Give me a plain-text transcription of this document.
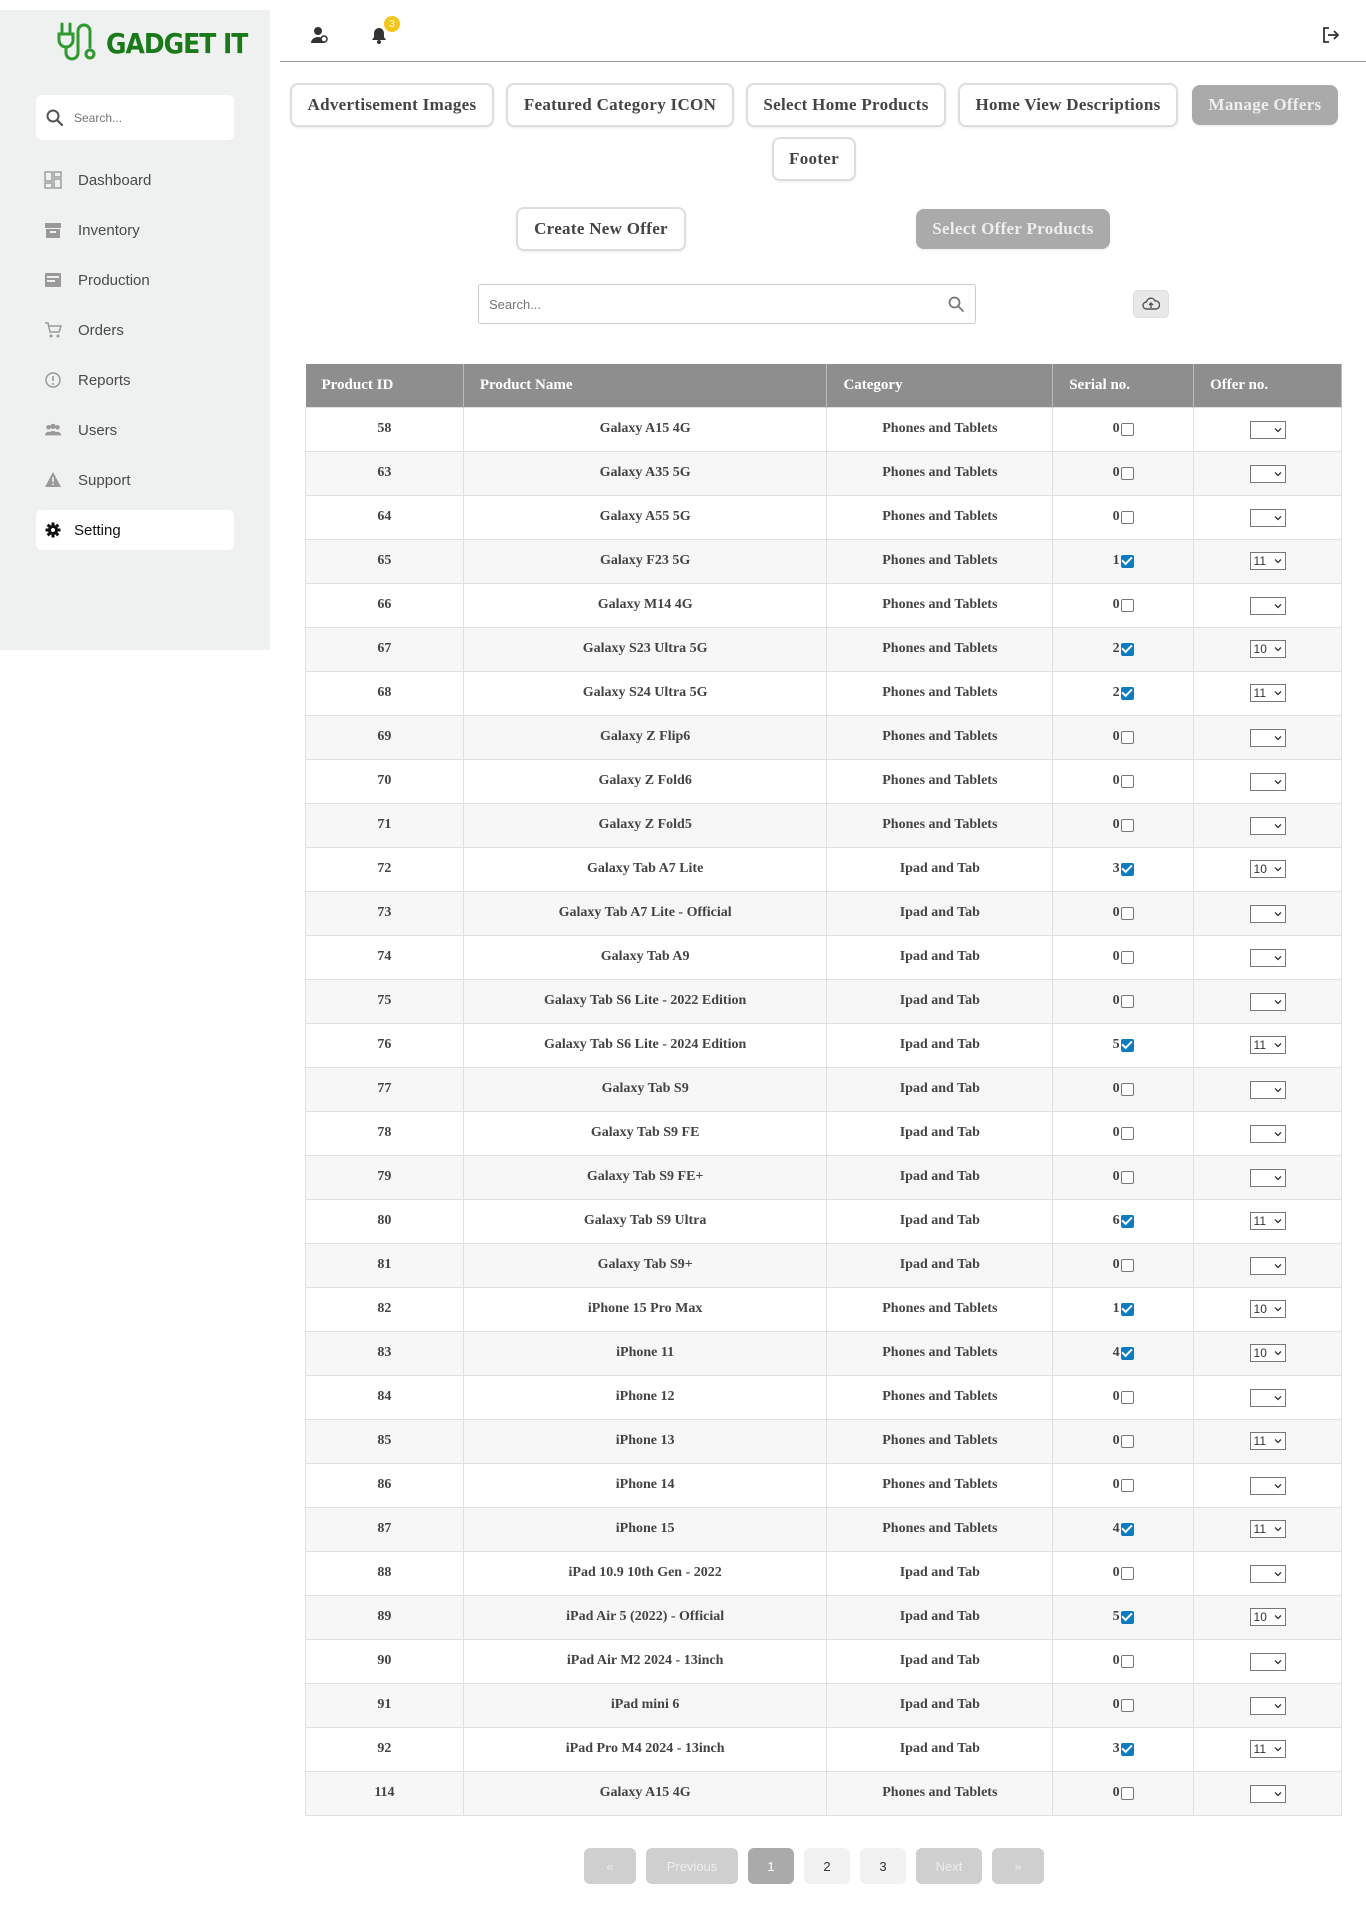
GADGET IT
Search...
Dashboard
Inventory
Production
Orders
Reports
Users
Support
Setting
3
Advertisement Images	Featured Category ICON	Select Home Products	Home View Descriptions	Manage Offers
Footer
Create New Offer	Select Offer Products
Search...
Product ID	Product Name	Category	Serial no.	Offer no.
58	Galaxy A15 4G	Phones and Tablets	0

63	Galaxy A35 5G	Phones and Tablets	0

64	Galaxy A55 5G	Phones and Tablets	0

65	Galaxy F23 5G	Phones and Tablets	1	11

66	Galaxy M14 4G	Phones and Tablets	0

67	Galaxy S23 Ultra 5G	Phones and Tablets	2	10

68	Galaxy S24 Ultra 5G	Phones and Tablets	2	11

69	Galaxy Z Flip6	Phones and Tablets	0

70	Galaxy Z Fold6	Phones and Tablets	0

71	Galaxy Z Fold5	Phones and Tablets	0

72	Galaxy Tab A7 Lite	Ipad and Tab	3	10

73	Galaxy Tab A7 Lite - Official	Ipad and Tab	0

74	Galaxy Tab A9	Ipad and Tab	0

75	Galaxy Tab S6 Lite - 2022 Edition	Ipad and Tab	0

76	Galaxy Tab S6 Lite - 2024 Edition	Ipad and Tab	5	11

77	Galaxy Tab S9	Ipad and Tab	0

78	Galaxy Tab S9 FE	Ipad and Tab	0

79	Galaxy Tab S9 FE+	Ipad and Tab	0

80	Galaxy Tab S9 Ultra	Ipad and Tab	6	11

81	Galaxy Tab S9+	Ipad and Tab	0

82	iPhone 15 Pro Max	Phones and Tablets	1	10

83	iPhone 11	Phones and Tablets	4	10

84	iPhone 12	Phones and Tablets	0

85	iPhone 13	Phones and Tablets	0	11

86	iPhone 14	Phones and Tablets	0

87	iPhone 15	Phones and Tablets	4	11

88	iPad 10.9 10th Gen - 2022	Ipad and Tab	0

89	iPad Air 5 (2022) - Official	Ipad and Tab	5	10

90	iPad Air M2 2024 - 13inch	Ipad and Tab	0

91	iPad mini 6	Ipad and Tab	0

92	iPad Pro M4 2024 - 13inch	Ipad and Tab	3	11

114	Galaxy A15 4G	Phones and Tablets	0

«	Previous	1	2	3	Next	»
